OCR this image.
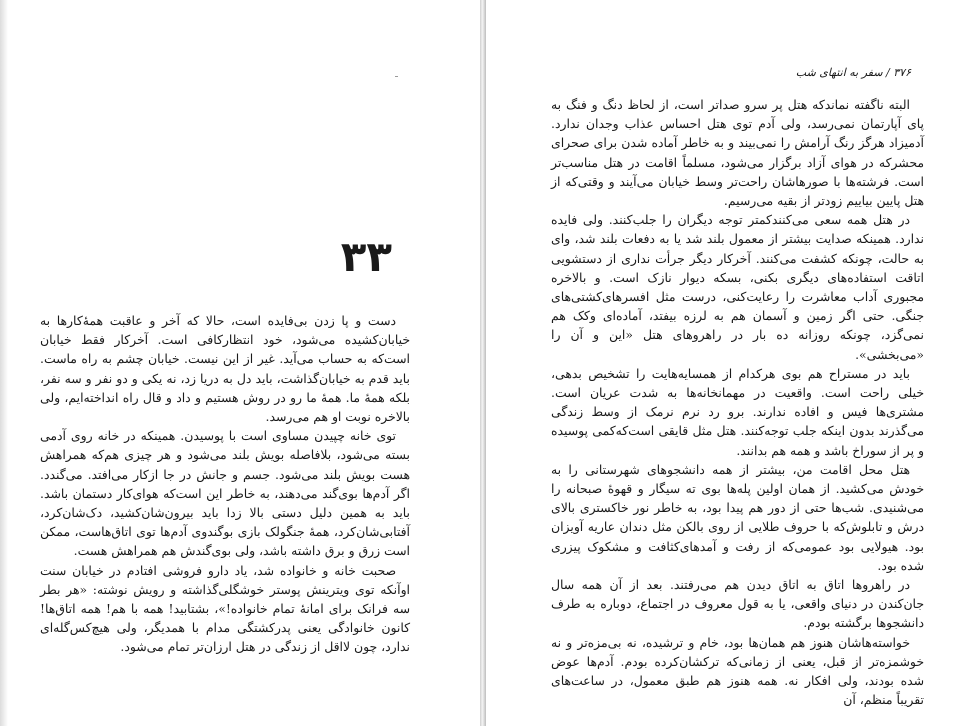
۳۳

دست و پا زدن بی‌فایده است، حالا که آخر و عاقبت همهٔ‌کارها به خیابان‌کشیده می‌شود، خود انتظارکافی است. آخرکار فقط خیابان است‌که به حساب می‌آید. غیر از این نیست. خیابان چشم به راه ماست. باید قدم به خیابان‌گذاشت، باید دل به دریا زد، نه یکی و دو نفر و سه نفر، بلکه همهٔ ما. همهٔ ما رو در روش هستیم و داد و قال راه انداخته‌ایم، ولی بالاخره نوبت او هم می‌رسد.

توی خانه چپیدن مساوی است با پوسیدن. همینکه در خانه روی آدمی بسته می‌شود، بلافاصله بویش بلند می‌شود و هر چیزی هم‌که همراهش هست بویش بلند می‌شود. جسم و جانش در جا ازکار می‌افتد. می‌گندد. اگر آدم‌ها بوی‌گند می‌دهند، به خاطر این است‌که هوای‌کار دستمان باشد. باید به همین دلیل دستی بالا زدا باید بیرون‌شان‌کشید، دک‌شان‌کرد، آفتابی‌شان‌کرد، همهٔ جنگولک بازی بوگندوی آدم‌ها توی اتاق‌هاست، ممکن است زرق و برق داشته باشد، ولی بوی‌گندش هم همراهش هست.

صحبت خانه و خانواده شد، یاد دارو فروشی افتادم در خیابان سنت اوآنکه توی ویترینش پوستر خوشگلی‌گذاشته و رویش نوشته: «هر بطر سه فرانک برای امانهٔ تمام خانواده!»، بشتابید! همه با هم! همه اتاق‌ها!کانون خانوادگی یعنی پدرکشتگی مدام با همدیگر، ولی هیچ‌کس‌گله‌ای ندارد، چون لااقل از زندگی در هتل ارزان‌تر تمام می‌شود.

۳۷۶ / سفر به انتهای شب

البته ناگفته نماندکه هتل پر سرو صداتر است، از لحاظ دنگ و فنگ به پای آپارتمان نمی‌رسد، ولی آدم توی هتل احساس عذاب وجدان ندارد. آدمیزاد هرگز رنگ آرامش را نمی‌بیند و به خاطر آماده شدن برای صحرای محشرکه در هوای آزاد برگزار می‌شود، مسلماً اقامت در هتل مناسب‌تر است. فرشته‌ها با صورهاشان راحت‌تر وسط خیابان می‌آیند و وقتی‌که از هتل پایین بیاییم زودتر از بقیه می‌رسیم.

در هتل همه سعی می‌کنندکمتر توجه دیگران را جلب‌کنند. ولی فایده ندارد. همینکه صدایت بیشتر از معمول بلند شد یا به دفعات بلند شد، وای به حالت، چونکه کشفت می‌کنند. آخرکار دیگر جرأت نداری از دستشویی اتاقت استفاده‌های دیگری بکنی، بسکه دیوار نازک است. و بالاخره مجبوری آداب معاشرت را رعایت‌کنی، درست مثل افسرهای‌کشتی‌های جنگی. حتی اگر زمین و آسمان هم به لرزه بیفتد، آماده‌ای وکک هم نمی‌گزد، چونکه روزانه ده بار در راهروهای هتل «این و آن را «می‌بخشی».

باید در مستراح هم بوی هرکدام از همسایه‌هایت را تشخیص بدهی، خیلی راحت است. واقعیت در مهمانخانه‌ها به شدت عریان است. مشتری‌ها فیس و افاده ندارند. برو رد نرم نرمک از وسط زندگی می‌گذرند بدون اینکه جلب توجه‌کنند. هتل مثل قایقی است‌که‌کمی پوسیده و پر از سوراخ باشد و همه هم بدانند.

هتل محل اقامت من، بیشتر از همه دانشجوهای شهرستانی را به خودش می‌کشید. از همان اولین پله‌ها بوی ته سیگار و قهوهٔ صبحانه را می‌شنیدی. شب‌ها حتی از دور هم پیدا بود، به خاطر نور خاکستری بالای درش و تابلوش‌که با حروف طلایی از روی بالکن مثل دندان عاریه آویزان بود. هیولایی بود عمومی‌که از رفت و آمدهای‌کثافت و مشکوک پیزری شده بود.

در راهروها اتاق به اتاق دیدن هم می‌رفتند. بعد از آن همه سال جان‌کندن در دنیای واقعی، یا به قول معروف در اجتماع، دوباره به طرف دانشجوها برگشته بودم.

خواسته‌هاشان هنوز هم همان‌ها بود، خام و ترشیده، نه بی‌مزه‌تر و نه خوشمزه‌تر از قبل، یعنی از زمانی‌که ترکشان‌کرده بودم. آدم‌ها عوض شده بودند، ولی افکار نه. همه هنوز هم طبق معمول، در ساعت‌های تقریباً منظم، آن
